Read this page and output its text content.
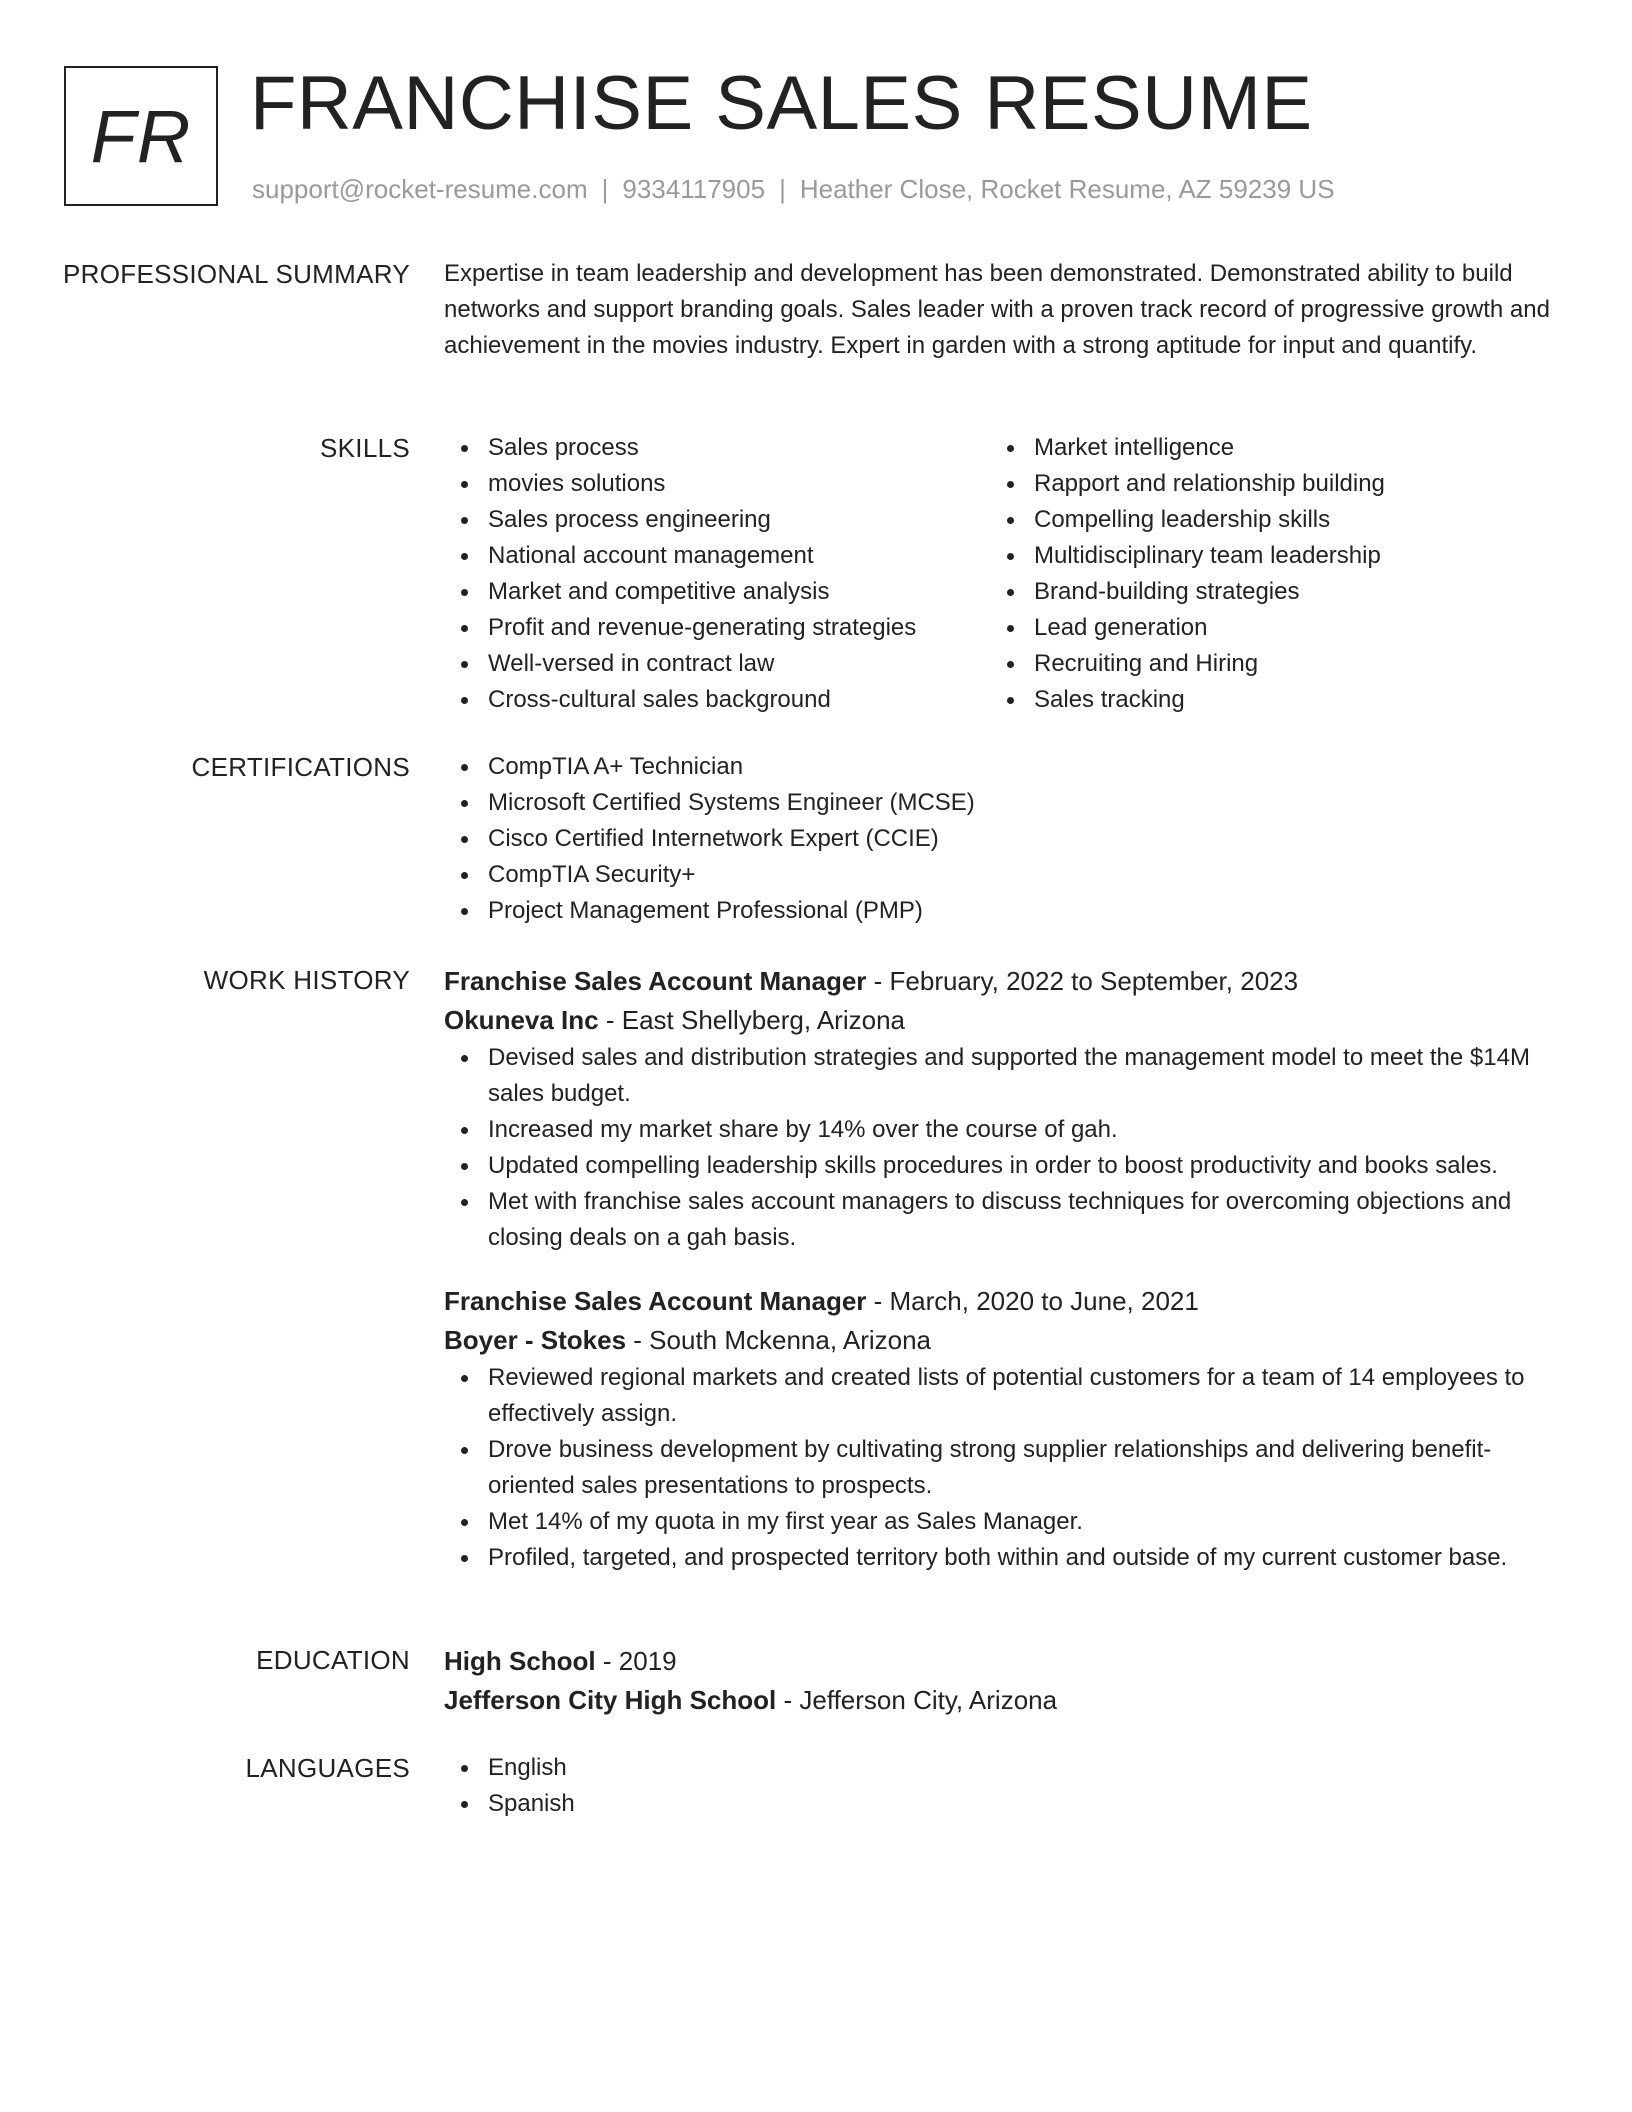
FR FRANCHISE SALES RESUME
support@rocket-resume.com | 9334117905 | Heather Close, Rocket Resume, AZ 59239 US
PROFESSIONAL SUMMARY Expertise in team leadership and development has been demonstrated. Demonstrated ability to build networks and support branding goals. Sales leader with a proven track record of progressive growth and achievement in the movies industry. Expert in garden with a strong aptitude for input and quantify.

SKILLS	Sales process
movies solutions
Sales process engineering
National account management
Market and competitive analysis
Profit and revenue-generating strategies
Well-versed in contract law
Cross-cultural sales background
Market intelligence
Rapport and relationship building
Compelling leadership skills
Multidisciplinary team leadership
Brand-building strategies
Lead generation
Recruiting and Hiring
Sales tracking
CERTIFICATIONS	CompTIA A+ Technician
Microsoft Certified Systems Engineer (MCSE)
Cisco Certified Internetwork Expert (CCIE)
CompTIA Security+
Project Management Professional (PMP)
WORK HISTORY Franchise Sales Account Manager - February, 2022 to September, 2023
Okuneva Inc - East Shellyberg, Arizona
Devised sales and distribution strategies and supported the management model to meet the $14M sales budget.
Increased my market share by 14% over the course of gah.
Updated compelling leadership skills procedures in order to boost productivity and books sales.
Met with franchise sales account managers to discuss techniques for overcoming objections and closing deals on a gah basis.
Franchise Sales Account Manager - March, 2020 to June, 2021
Boyer - Stokes - South Mckenna, Arizona
Reviewed regional markets and created lists of potential customers for a team of 14 employees to effectively assign.
Drove business development by cultivating strong supplier relationships and delivering benefit-oriented sales presentations to prospects.
Met 14% of my quota in my first year as Sales Manager.
Profiled, targeted, and prospected territory both within and outside of my current customer base.
EDUCATION High School - 2019
Jefferson City High School - Jefferson City, Arizona
LANGUAGES	English
Spanish
